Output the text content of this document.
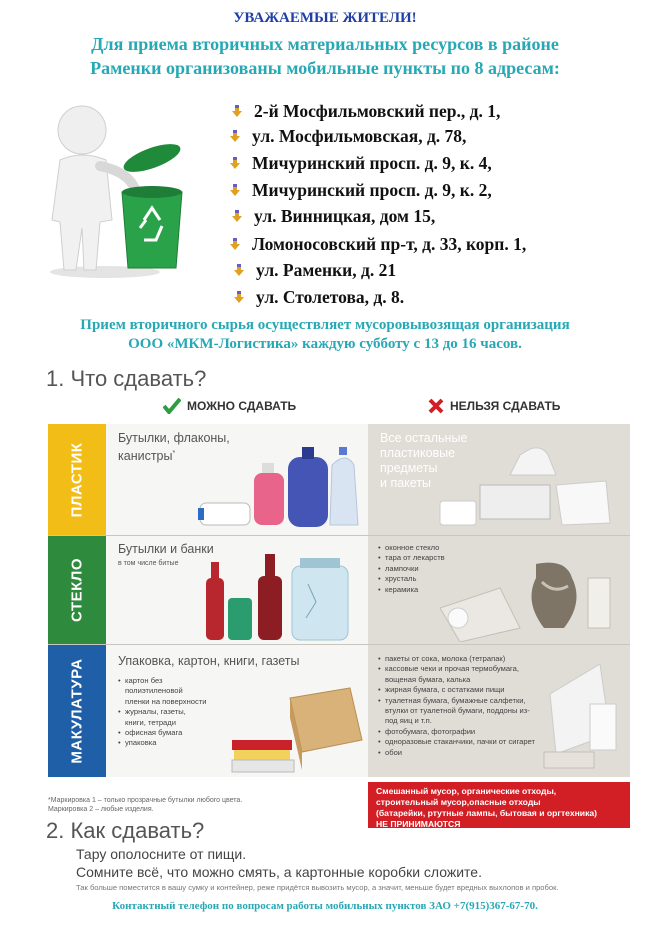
УВАЖАЕМЫЕ ЖИТЕЛИ!
Для приема вторичных материальных ресурсов в районе
Раменки организованы мобильные пункты по 8 адресам:
2-й Мосфильмовский пер., д. 1,
ул. Мосфильмовская, д. 78,
Мичуринский просп. д. 9, к. 4,
Мичуринский просп. д. 9, к. 2,
ул. Винницкая, дом 15,
Ломоносовский пр-т, д. 33, корп. 1,
ул. Раменки, д. 21
ул. Столетова, д. 8.
Прием вторичного сырья осуществляет мусоровывозящая организация
ООО «МКМ-Логистика» каждую субботу с 13 до 16 часов.
1. Что сдавать?
МОЖНО СДАВАТЬ	НЕЛЬЗЯ СДАВАТЬ
ПЛАСТИК
Бутылки, флаконы,
канистры*
Все остальные
пластиковые
предметы
и пакеты
СТЕКЛО
Бутылки и банки
в том числе битые
• оконное стекло
• тара от лекарств
• лампочки
• хрусталь
• керамика
МАКУЛАТУРА	Упаковка, картон, книги, газеты
• картон без полиэтиленовой пленки на поверхности
• журналы, газеты, книги, тетради
• офисная бумага
• упаковка
• пакеты от сока, молока (тетрапак)
• кассовые чеки и прочая термобумага, вощеная бумага, калька
• жирная бумага, с остатками пищи
• туалетная бумага, бумажные салфетки, втулки от туалетной бумаги, поддоны из-под яиц и т.п.
• фотобумага, фотографии
• одноразовые стаканчики, пачки от сигарет
• обои
*Маркировка 1 – только прозрачные бутылки любого цвета.
Маркировка 2 – любые изделия.
Смешанный мусор, органические отходы,
строительный мусор,опасные отходы
(батарейки, ртутные лампы, бытовая и оргтехника)
НЕ ПРИНИМАЮТСЯ
2. Как сдавать?
Тару ополосните от пищи.
Сомните всё, что можно смять, а картонные коробки сложите.
Так больше поместится в вашу сумку и контейнер, реже придётся вывозить мусор, а значит, меньше будет вредных выхлопов и пробок.
Контактный телефон по вопросам работы мобильных пунктов ЗАО +7(915)367-67-70.
